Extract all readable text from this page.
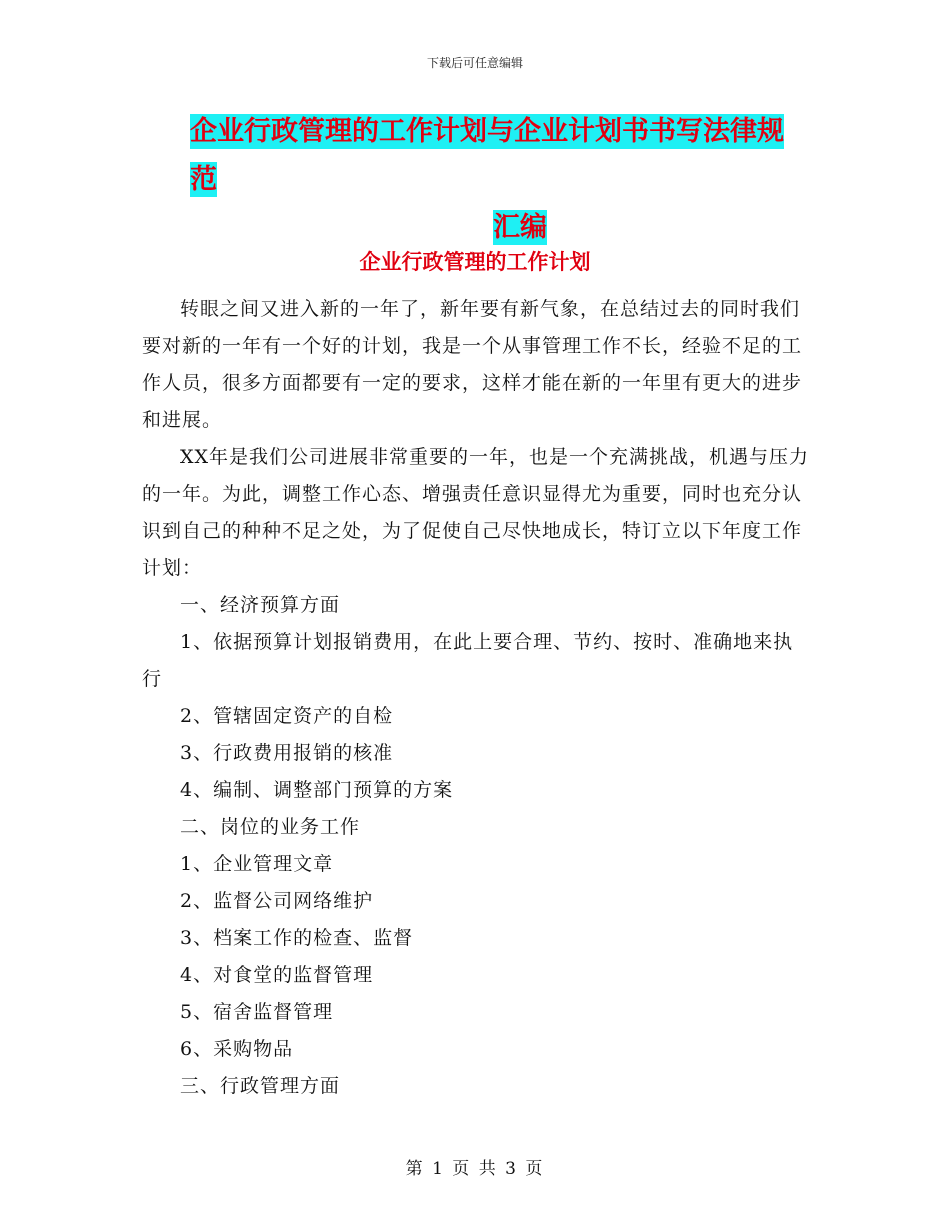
下载后可任意编辑
企业行政管理的工作计划与企业计划书书写法律规范
汇编
企业行政管理的工作计划

转眼之间又进入新的一年了，新年要有新气象，在总结过去的同时我们要对新的一年有一个好的计划，我是一个从事管理工作不长，经验不足的工作人员，很多方面都要有一定的要求，这样才能在新的一年里有更大的进步和进展。

XX年是我们公司进展非常重要的一年，也是一个充满挑战，机遇与压力的一年。为此，调整工作心态、增强责任意识显得尤为重要，同时也充分认识到自己的种种不足之处，为了促使自己尽快地成长，特订立以下年度工作计划：

一、经济预算方面

1、依据预算计划报销费用，在此上要合理、节约、按时、准确地来执行

2、管辖固定资产的自检

3、行政费用报销的核准

4、编制、调整部门预算的方案

二、岗位的业务工作

1、企业管理文章

2、监督公司网络维护

3、档案工作的检查、监督

4、对食堂的监督管理

5、宿舍监督管理

6、采购物品

三、行政管理方面

第 1 页 共 3 页
